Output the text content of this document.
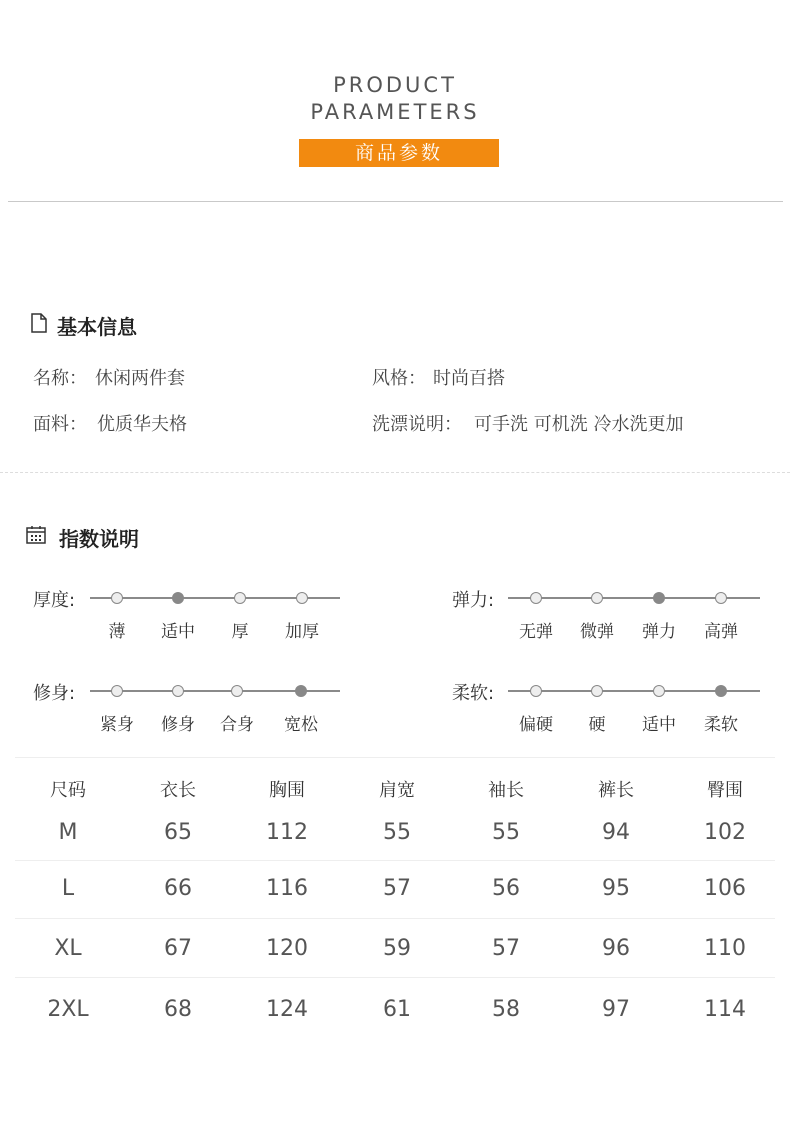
PRODUCT
PARAMETERS
商品参数
基本信息
名称： 休闲两件套	风格： 时尚百搭
面料： 优质华夫格	洗漂说明： 可手洗 可机洗 冷水洗更加
指数说明
厚度:
薄	适中	厚	加厚
弹力:
无弹	微弹	弹力	高弹
修身:
紧身	修身	合身	宽松
柔软:
偏硬	硬	适中	柔软
尺码	衣长	胸围	肩宽	袖长	裤长	臀围
M	65	112	55	55	94	102
L	66	116	57	56	95	106
XL	67	120	59	57	96	110
2XL	68	124	61	58	97	114
